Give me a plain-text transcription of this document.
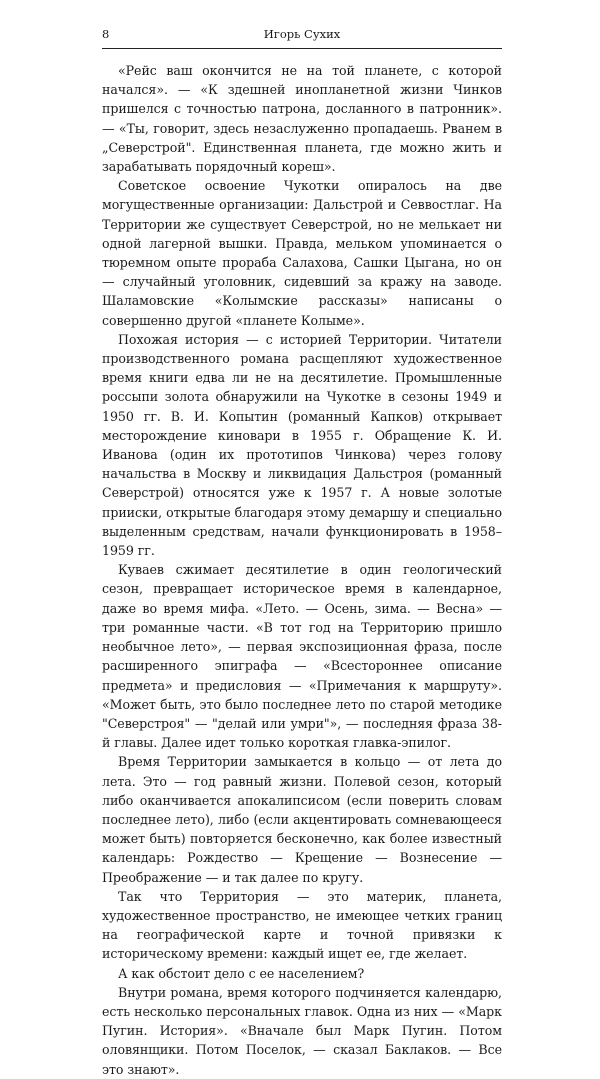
8	Игорь Сухих

«Рейс ваш окончится не на той планете, с которой начался». — «К здешней инопланетной жизни Чинков пришелся с точностью патрона, досланного в патронник». — «Ты, говорит, здесь незаслуженно пропадаешь. Рванем в „Северстрой". Единственная планета, где можно жить и зарабатывать порядочный кореш».

Советское освоение Чукотки опиралось на две могущественные организации: Дальстрой и Севвостлаг. На Территории же существует Северстрой, но не мелькает ни одной лагерной вышки. Правда, мельком упоминается о тюремном опыте прораба Салахова, Сашки Цыгана, но он — случайный уголовник, сидевший за кражу на заводе. Шаламовские «Колымские рассказы» написаны о совершенно другой «планете Колыме».

Похожая история — с историей Территории. Читатели производственного романа расщепляют художественное время книги едва ли не на десятилетие. Промышленные россыпи золота обнаружили на Чукотке в сезоны 1949 и 1950 гг. В. И. Копытин (романный Капков) открывает месторождение киновари в 1955 г. Обращение К. И. Иванова (один их прототипов Чинкова) через голову начальства в Москву и ликвидация Дальстроя (романный Северстрой) относятся уже к 1957 г. А новые золотые прииски, открытые благодаря этому демаршу и специально выделенным средствам, начали функционировать в 1958–1959 гг.

Куваев сжимает десятилетие в один геологический сезон, превращает историческое время в календарное, даже во время мифа. «Лето. — Осень, зима. — Весна» — три романные части. «В тот год на Территорию пришло необычное лето», — первая экспозиционная фраза, после расширенного эпиграфа — «Всестороннее описание предмета» и предисловия — «Примечания к маршруту». «Может быть, это было последнее лето по старой методике "Северстроя" — "делай или умри"», — последняя фраза 38-й главы. Далее идет только короткая главка-эпилог.

Время Территории замыкается в кольцо — от лета до лета. Это — год равный жизни. Полевой сезон, который либо оканчивается апокалипсисом (если поверить словам последнее лето), либо (если акцентировать сомневающееся может быть) повторяется бесконечно, как более известный календарь: Рождество — Крещение — Вознесение — Преображение — и так далее по кругу.

Так что Территория — это материк, планета, художественное пространство, не имеющее четких границ на географической карте и точной привязки к историческому времени: каждый ищет ее, где желает.

А как обстоит дело с ее населением?

Внутри романа, время которого подчиняется календарю, есть несколько персональных главок. Одна из них — «Марк Пугин. История». «Вначале был Марк Пугин. Потом оловянщики. Потом Поселок, — сказал Баклаков. — Все это знают».
